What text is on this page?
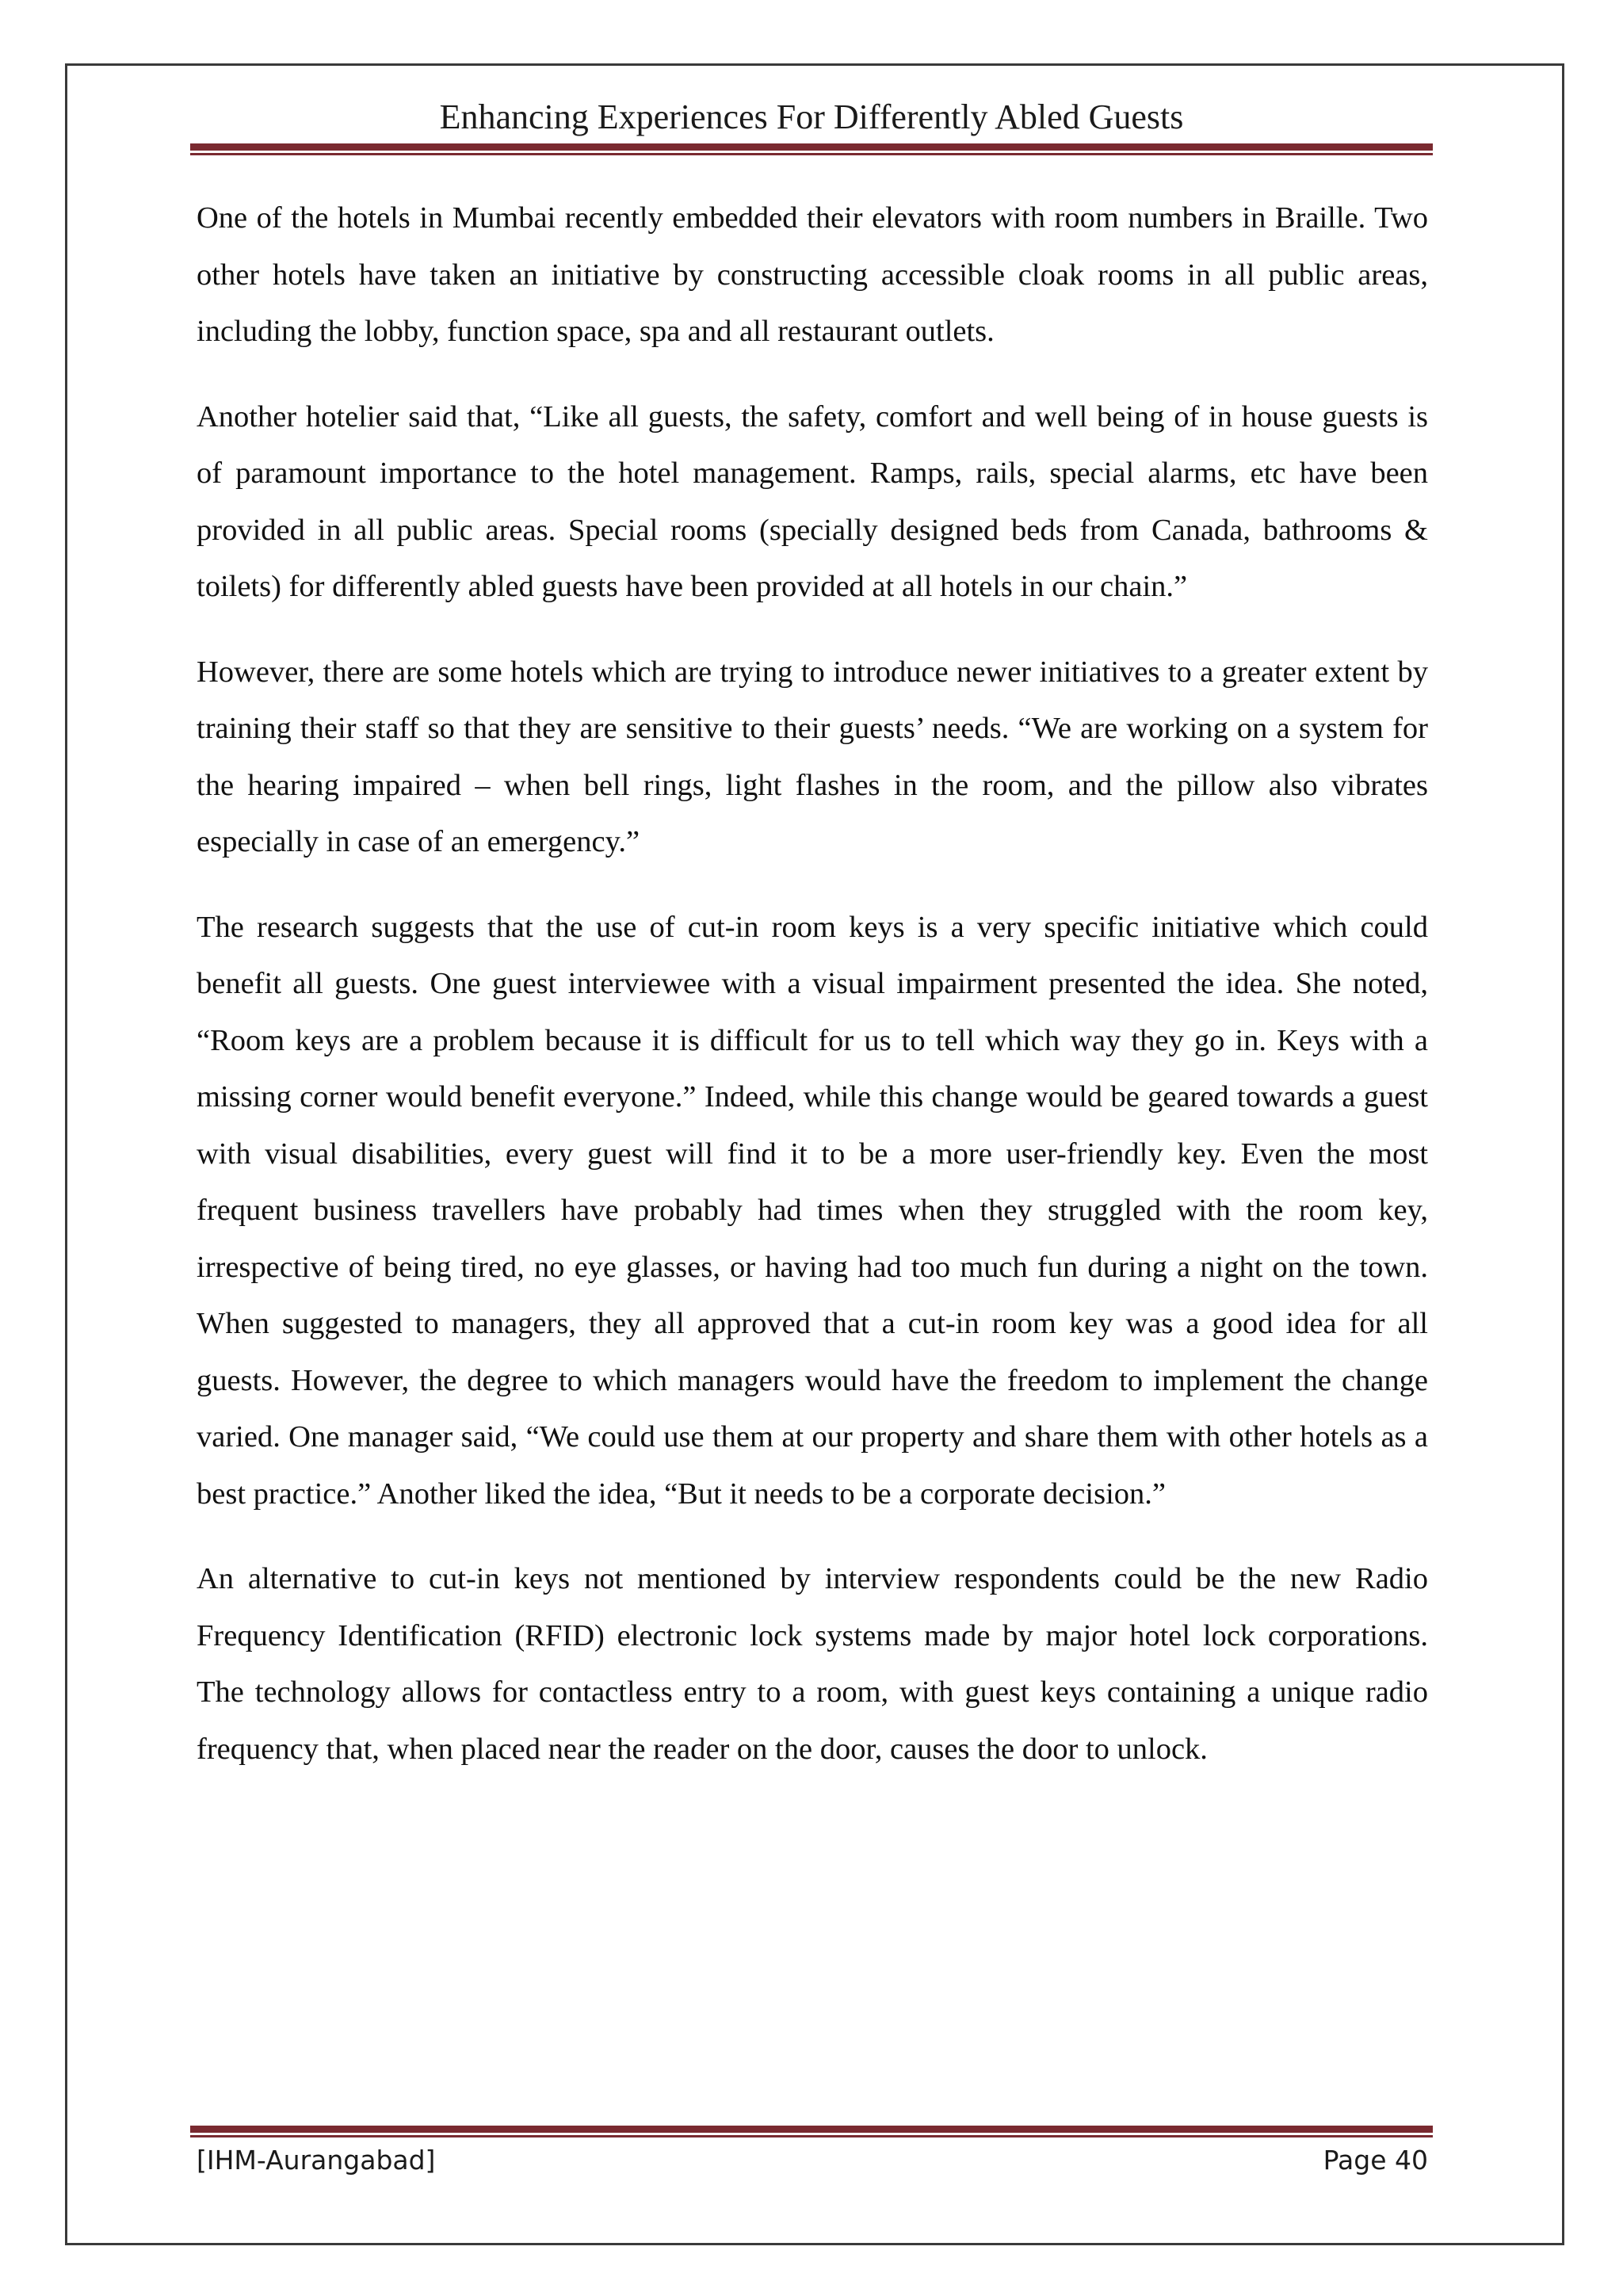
Enhancing Experiences For Differently Abled Guests

One of the hotels in Mumbai recently embedded their elevators with room numbers in Braille. Two other hotels have taken an initiative by constructing accessible cloak rooms in all public areas, including the lobby, function space, spa and all restaurant outlets.

Another hotelier said that, “Like all guests, the safety, comfort and well being of in house guests is of paramount importance to the hotel management. Ramps, rails, special alarms, etc have been provided in all public areas. Special rooms (specially designed beds from Canada, bathrooms & toilets) for differently abled guests have been provided at all hotels in our chain.”

However, there are some hotels which are trying to introduce newer initiatives to a greater extent by training their staff so that they are sensitive to their guests’ needs. “We are working on a system for the hearing impaired – when bell rings, light flashes in the room, and the pillow also vibrates especially in case of an emergency.”

The research suggests that the use of cut-in room keys is a very specific initiative which could benefit all guests. One guest interviewee with a visual impairment presented the idea. She noted, “Room keys are a problem because it is difficult for us to tell which way they go in. Keys with a missing corner would benefit everyone.” Indeed, while this change would be geared towards a guest with visual disabilities, every guest will find it to be a more user-friendly key. Even the most frequent business travellers have probably had times when they struggled with the room key, irrespective of being tired, no eye glasses, or having had too much fun during a night on the town. When suggested to managers, they all approved that a cut-in room key was a good idea for all guests. However, the degree to which managers would have the freedom to implement the change varied. One manager said, “We could use them at our property and share them with other hotels as a best practice.” Another liked the idea, “But it needs to be a corporate decision.”

An alternative to cut-in keys not mentioned by interview respondents could be the new Radio Frequency Identification (RFID) electronic lock systems made by major hotel lock corporations. The technology allows for contactless entry to a room, with guest keys containing a unique radio frequency that, when placed near the reader on the door, causes the door to unlock.

[IHM-Aurangabad]	Page 40
